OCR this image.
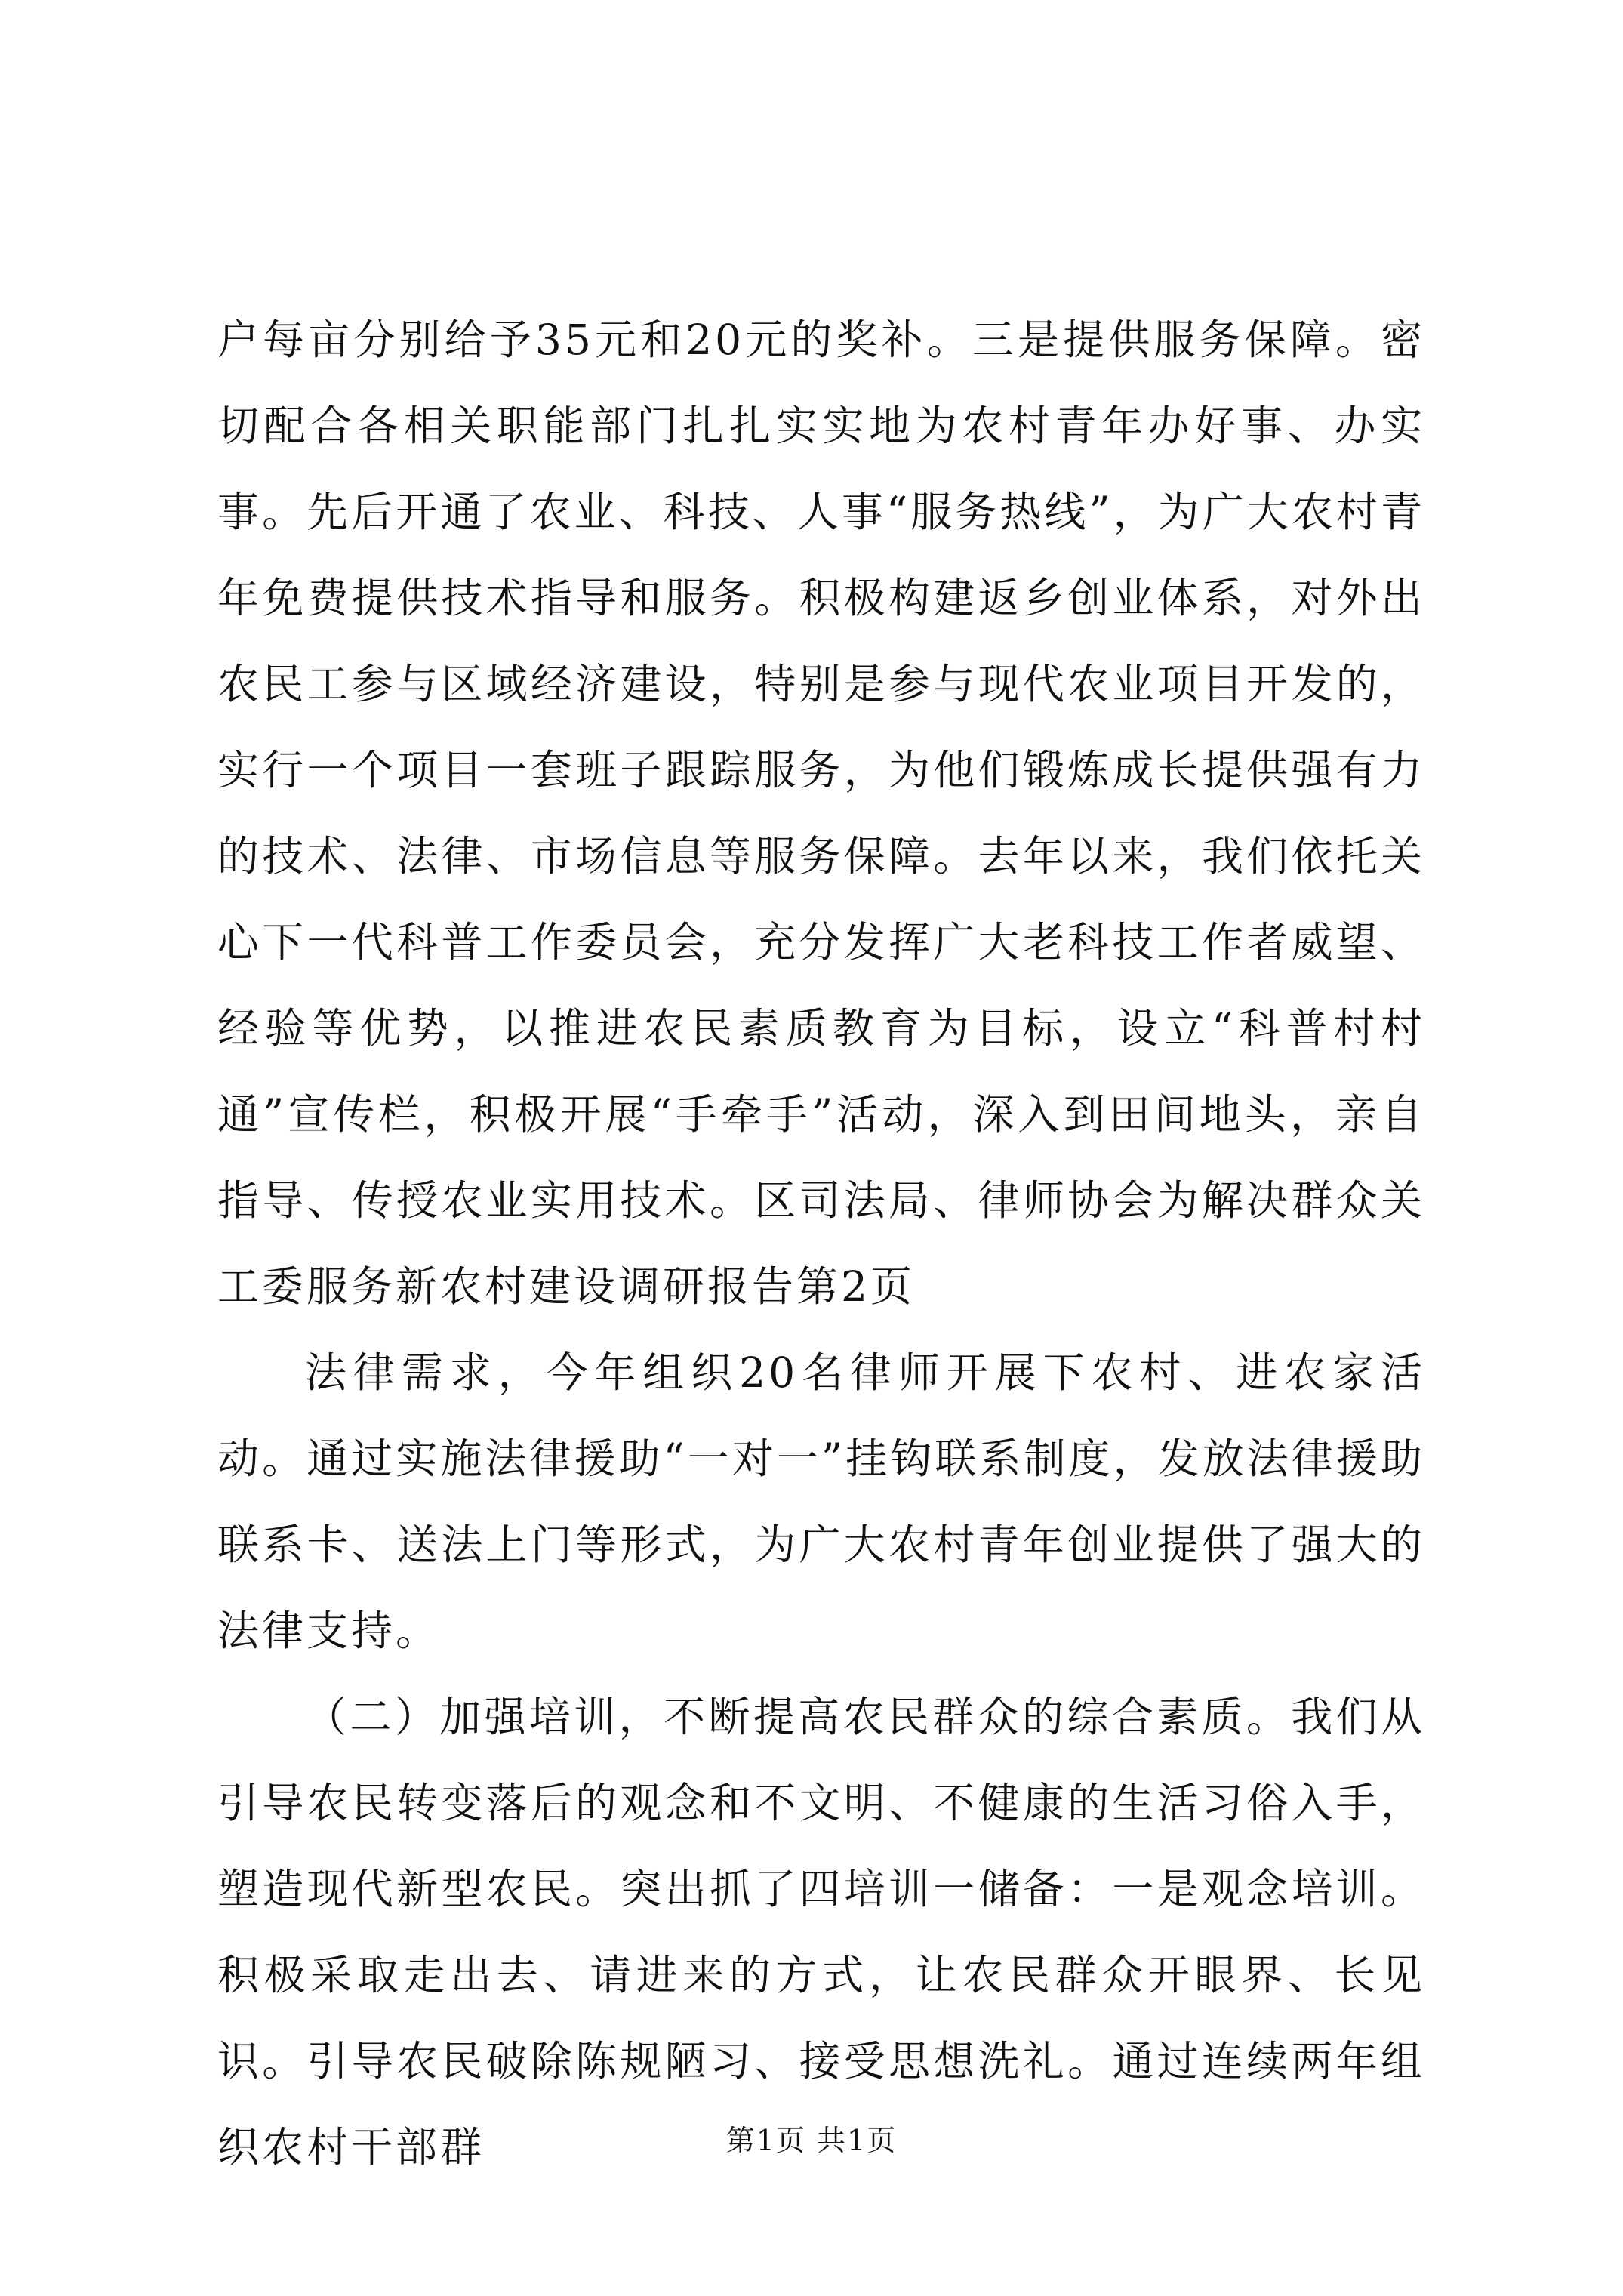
户每亩分别给予35元和20元的奖补。三是提供服务保障。密切配合各相关职能部门扎扎实实地为农村青年办好事、办实事。先后开通了农业、科技、人事“服务热线”，为广大农村青年免费提供技术指导和服务。积极构建返乡创业体系，对外出农民工参与区域经济建设，特别是参与现代农业项目开发的，实行一个项目一套班子跟踪服务，为他们锻炼成长提供强有力的技术、法律、市场信息等服务保障。去年以来，我们依托关心下一代科普工作委员会，充分发挥广大老科技工作者威望、经验等优势，以推进农民素质教育为目标，设立“科普村村通”宣传栏，积极开展“手牵手”活动，深入到田间地头，亲自指导、传授农业实用技术。区司法局、律师协会为解决群众关工委服务新农村建设调研报告第2页

法律需求，今年组织20名律师开展下农村、进农家活动。通过实施法律援助“一对一”挂钩联系制度，发放法律援助联系卡、送法上门等形式，为广大农村青年创业提供了强大的法律支持。

（二）加强培训，不断提高农民群众的综合素质。我们从引导农民转变落后的观念和不文明、不健康的生活习俗入手，塑造现代新型农民。突出抓了四培训一储备：一是观念培训。积极采取走出去、请进来的方式，让农民群众开眼界、长见识。引导农民破除陈规陋习、接受思想洗礼。通过连续两年组织农村干部群	第1页 共1页
